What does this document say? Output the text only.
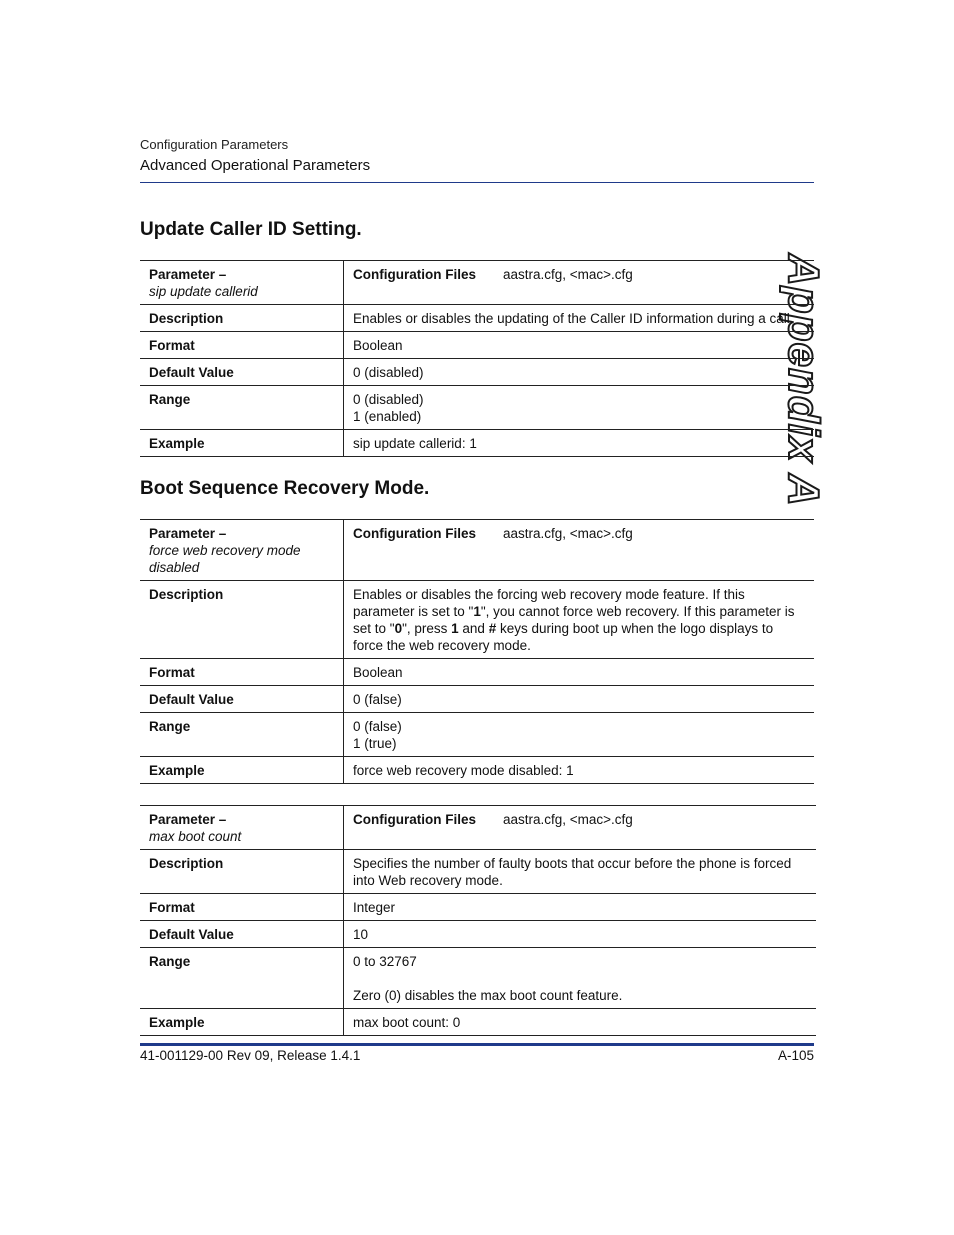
Configuration Parameters
Advanced Operational Parameters
Appendix A
Update Caller ID Setting.
Parameter –
sip update callerid	Configuration Files aastra.cfg, <mac>.cfg
Description	Enables or disables the updating of the Caller ID information during a call.

Format	Boolean

Default Value	0 (disabled)

Range	0 (disabled)
1 (enabled)

Example	sip update callerid: 1
Boot Sequence Recovery Mode.
Parameter –
force web recovery mode disabled	Configuration Files aastra.cfg, <mac>.cfg
Description	Enables or disables the forcing web recovery mode feature. If this parameter is set to "1", you cannot force web recovery. If this parameter is set to "0", press 1 and # keys during boot up when the logo displays to force the web recovery mode.
Format	Boolean

Default Value	0 (false)

Range	0 (false)
1 (true)

Example	force web recovery mode disabled: 1
Parameter –
max boot count	Configuration Files aastra.cfg, <mac>.cfg
Description	Specifies the number of faulty boots that occur before the phone is forced into Web recovery mode.

Format	Integer

Default Value	10

Range	0 to 32767
Zero (0) disables the max boot count feature.

Example	max boot count: 0
41-001129-00 Rev 09, Release 1.4.1	A-105
